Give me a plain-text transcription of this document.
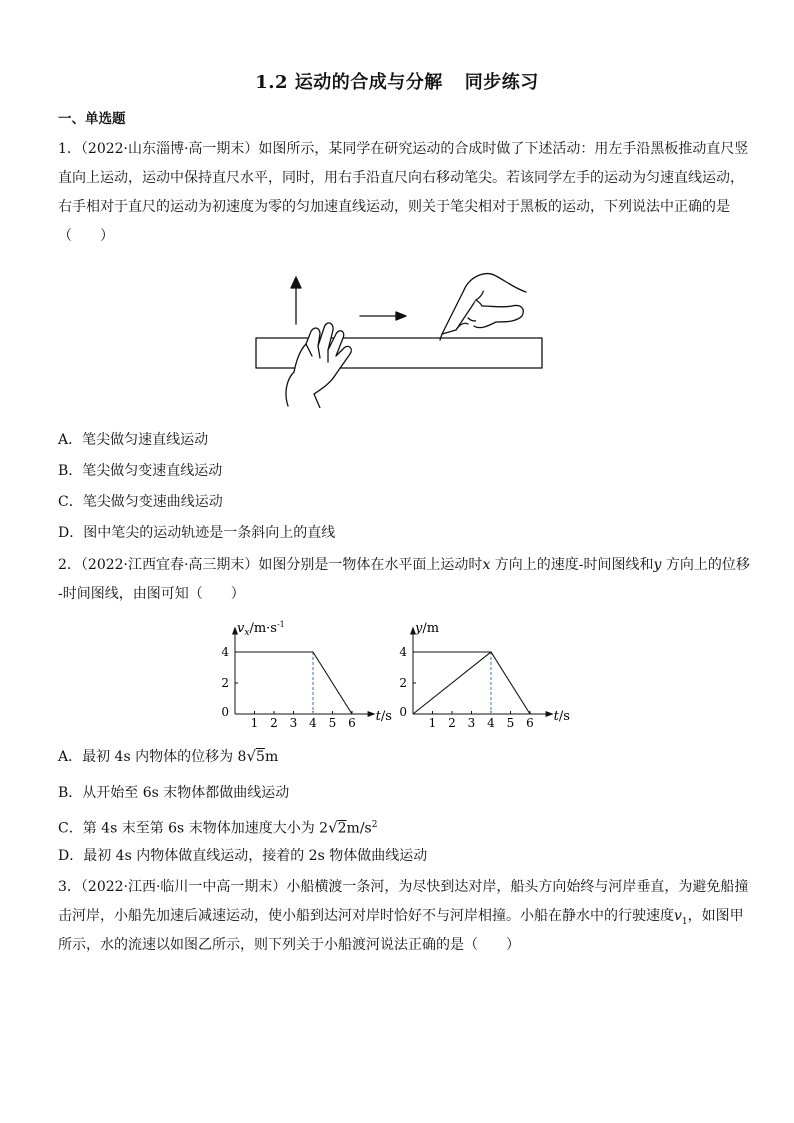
1.2 运动的合成与分解 同步练习
一、单选题
1．（2022·山东淄博·高一期末）如图所示，某同学在研究运动的合成时做了下述活动：用左手沿黑板推动直尺竖
直向上运动，运动中保持直尺水平，同时，用右手沿直尺向右移动笔尖。若该同学左手的运动为匀速直线运动，
右手相对于直尺的运动为初速度为零的匀加速直线运动，则关于笔尖相对于黑板的运动，下列说法中正确的是
（　　）
A．笔尖做匀速直线运动
B．笔尖做匀变速直线运动
C．笔尖做匀变速曲线运动
D．图中笔尖的运动轨迹是一条斜向上的直线
2．（2022·江西宜春·高三期末）如图分别是一物体在水平面上运动时x 方向上的速度-时间图线和y 方向上的位移
-时间图线，由图可知（　　）
1 2 3 4 5 6
0
2
4
$v_x/m\cdot s^{-1}$
t/s	1 2 3 4 5 6
0
2
4
y/m
t/s
A．最初 4s 内物体的位移为 8√5m
B．从开始至 6s 末物体都做曲线运动
C．第 4s 末至第 6s 末物体加速度大小为 $2√2m/s^2$
D．最初 4s 内物体做直线运动，接着的 2s 物体做曲线运动
3．（2022·江西·临川一中高一期末）小船横渡一条河，为尽快到达对岸，船头方向始终与河岸垂直，为避免船撞
击河岸，小船先加速后减速运动，使小船到达河对岸时恰好不与河岸相撞。小船在静水中的行驶速度$v_1$，如图甲
所示，水的流速以如图乙所示，则下列关于小船渡河说法正确的是（　　）
